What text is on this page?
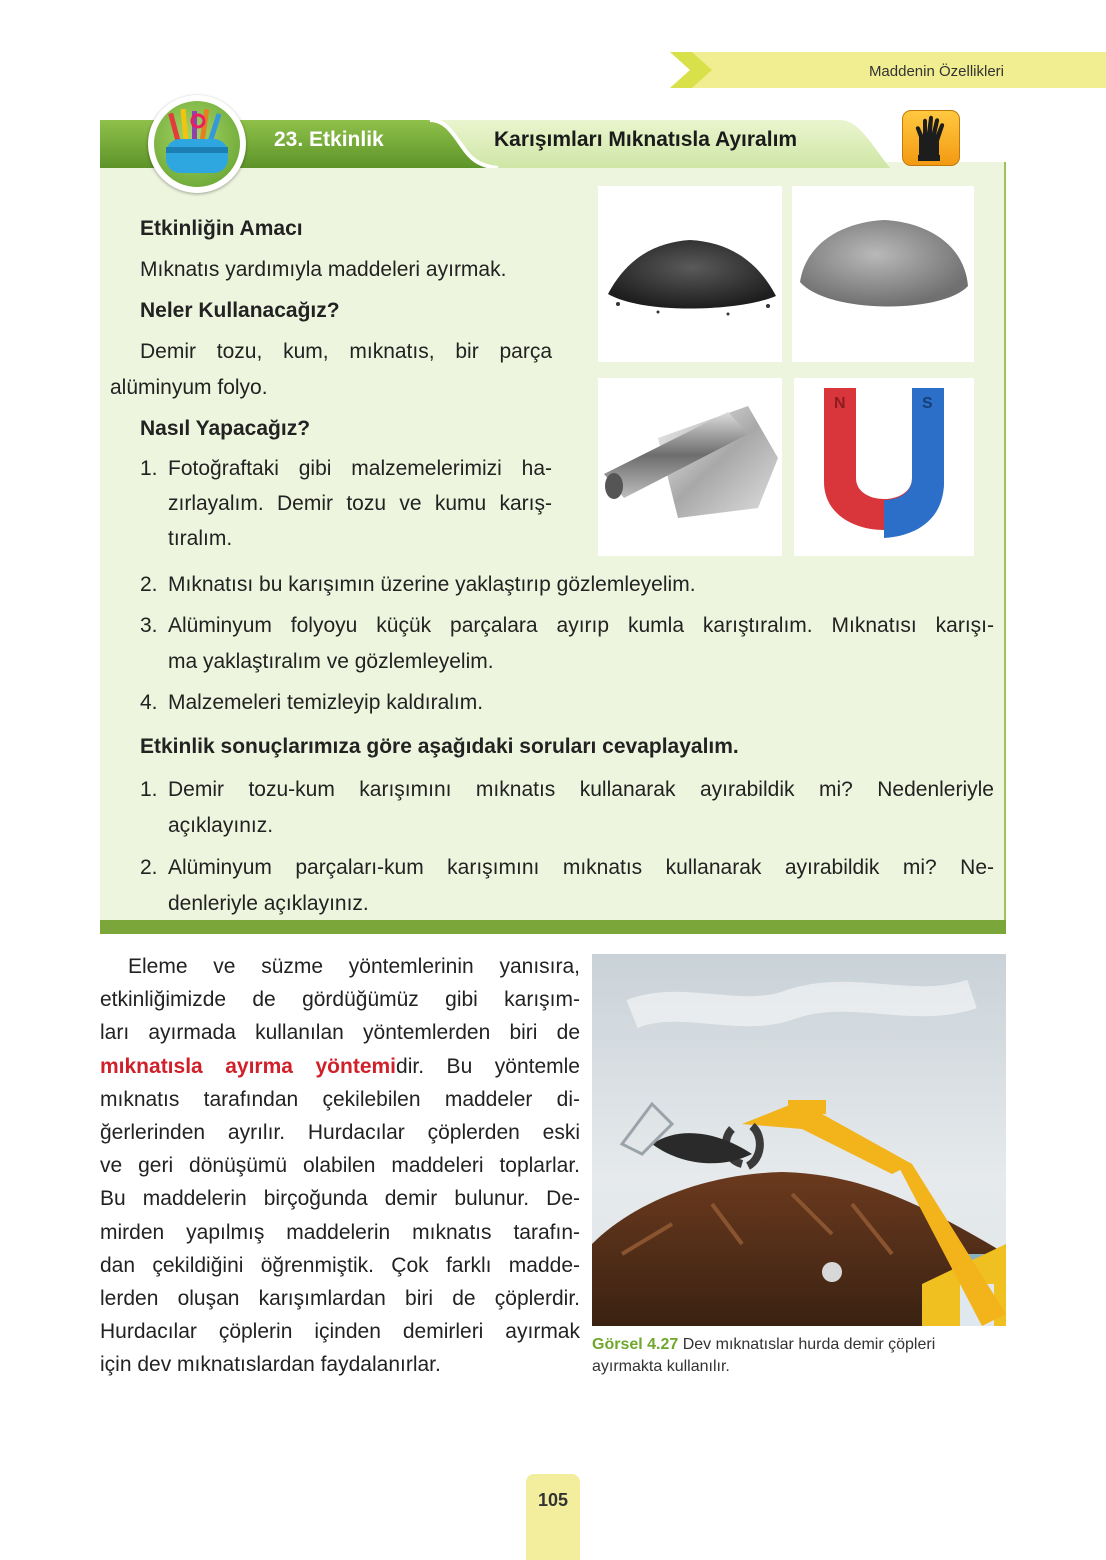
Maddenin Özellikleri
23. Etkinlik	Karışımları Mıknatısla Ayıralım
Etkinliğin Amacı
Mıknatıs yardımıyla maddeleri ayırmak.
Neler Kullanacağız?
Demir tozu, kum, mıknatıs, bir parça
alüminyum folyo.
Nasıl Yapacağız?
1. Fotoğraftaki gibi malzemelerimizi ha-
zırlayalım. Demir tozu ve kumu karış-
tıralım.
2. Mıknatısı bu karışımın üzerine yaklaştırıp gözlemleyelim.
3. Alüminyum folyoyu küçük parçalara ayırıp kumla karıştıralım. Mıknatısı karışı-
ma yaklaştıralım ve gözlemleyelim.
4. Malzemeleri temizleyip kaldıralım.
Etkinlik sonuçlarımıza göre aşağıdaki soruları cevaplayalım.
1. Demir tozu-kum karışımını mıknatıs kullanarak ayırabildik mi? Nedenleriyle
açıklayınız.
2. Alüminyum parçaları-kum karışımını mıknatıs kullanarak ayırabildik mi? Ne-
denleriyle açıklayınız.
N	S
Eleme ve süzme yöntemlerinin yanısıra,
etkinliğimizde de gördüğümüz gibi karışım-
ları ayırmada kullanılan yöntemlerden biri de
mıknatısla ayırma yöntemidir. Bu yöntemle
mıknatıs tarafından çekilebilen maddeler di-
ğerlerinden ayrılır. Hurdacılar çöplerden eski
ve geri dönüşümü olabilen maddeleri toplarlar.
Bu maddelerin birçoğunda demir bulunur. De-
mirden yapılmış maddelerin mıknatıs tarafın-
dan çekildiğini öğrenmiştik. Çok farklı madde-
lerden oluşan karışımlardan biri de çöplerdir.
Hurdacılar çöplerin içinden demirleri ayırmak
için dev mıknatıslardan faydalanırlar.
Görsel 4.27 Dev mıknatıslar hurda demir çöpleri
ayırmakta kullanılır.
105
